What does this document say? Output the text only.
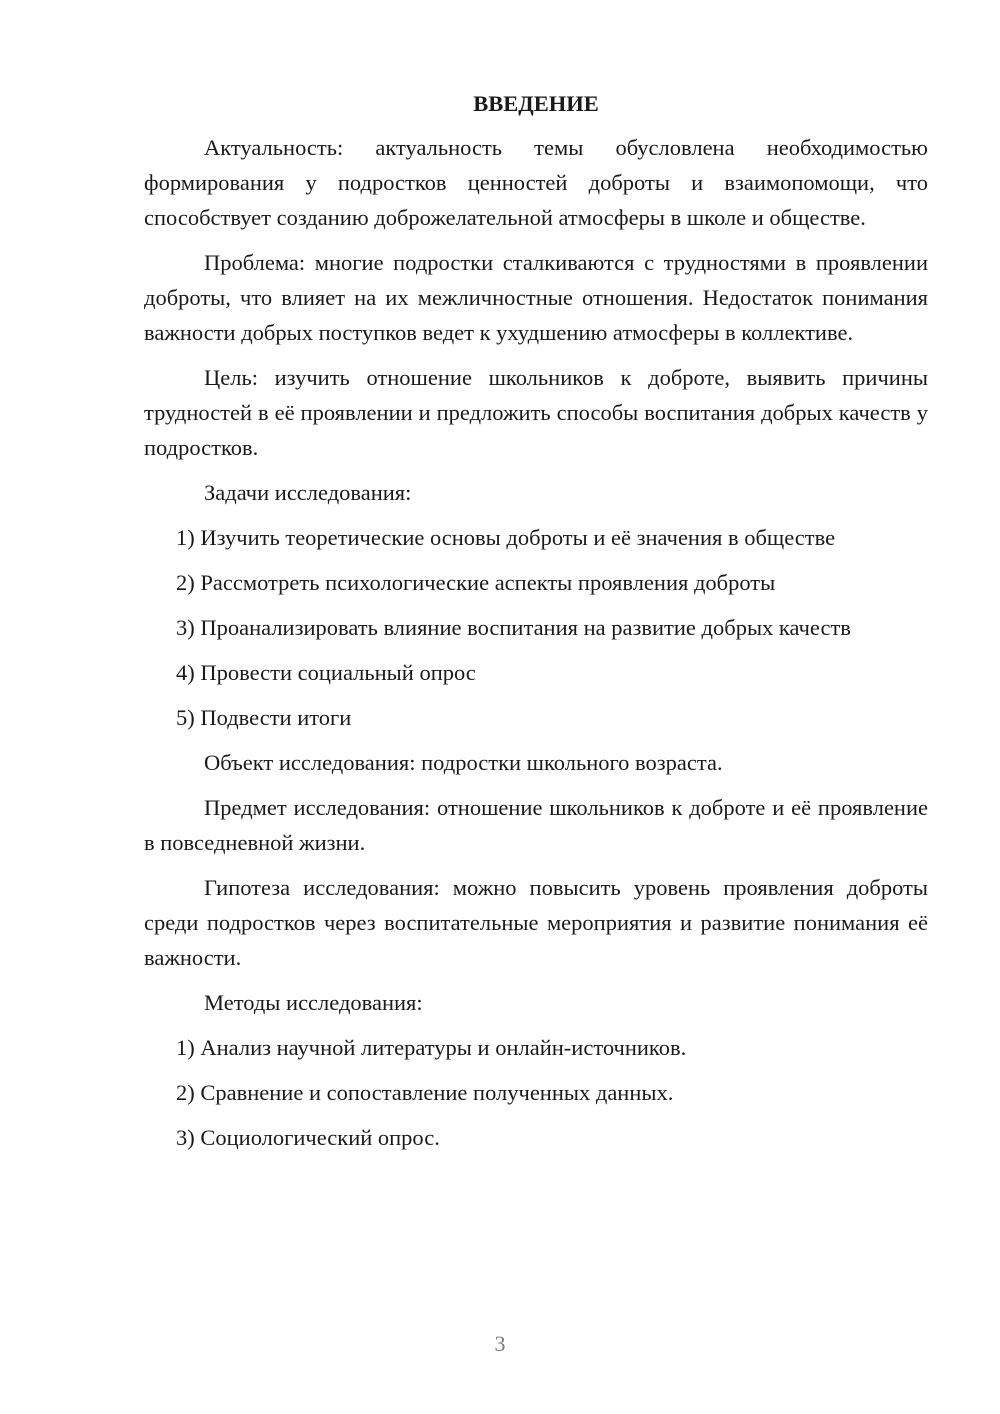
ВВЕДЕНИЕ
Актуальность: актуальность темы обусловлена необходимостью формирования у подростков ценностей доброты и взаимопомощи, что способствует созданию доброжелательной атмосферы в школе и обществе.
Проблема: многие подростки сталкиваются с трудностями в проявлении доброты, что влияет на их межличностные отношения. Недостаток понимания важности добрых поступков ведет к ухудшению атмосферы в коллективе.
Цель: изучить отношение школьников к доброте, выявить причины трудностей в её проявлении и предложить способы воспитания добрых качеств у подростков.
Задачи исследования:
1) Изучить теоретические основы доброты и её значения в обществе
2) Рассмотреть психологические аспекты проявления доброты
3) Проанализировать влияние воспитания на развитие добрых качеств
4) Провести социальный опрос
5) Подвести итоги
Объект исследования: подростки школьного возраста.
Предмет исследования: отношение школьников к доброте и её проявление в повседневной жизни.
Гипотеза исследования: можно повысить уровень проявления доброты среди подростков через воспитательные мероприятия и развитие понимания её важности.
Методы исследования:
1) Анализ научной литературы и онлайн-источников.
2) Сравнение и сопоставление полученных данных.
3) Социологический опрос.
3
